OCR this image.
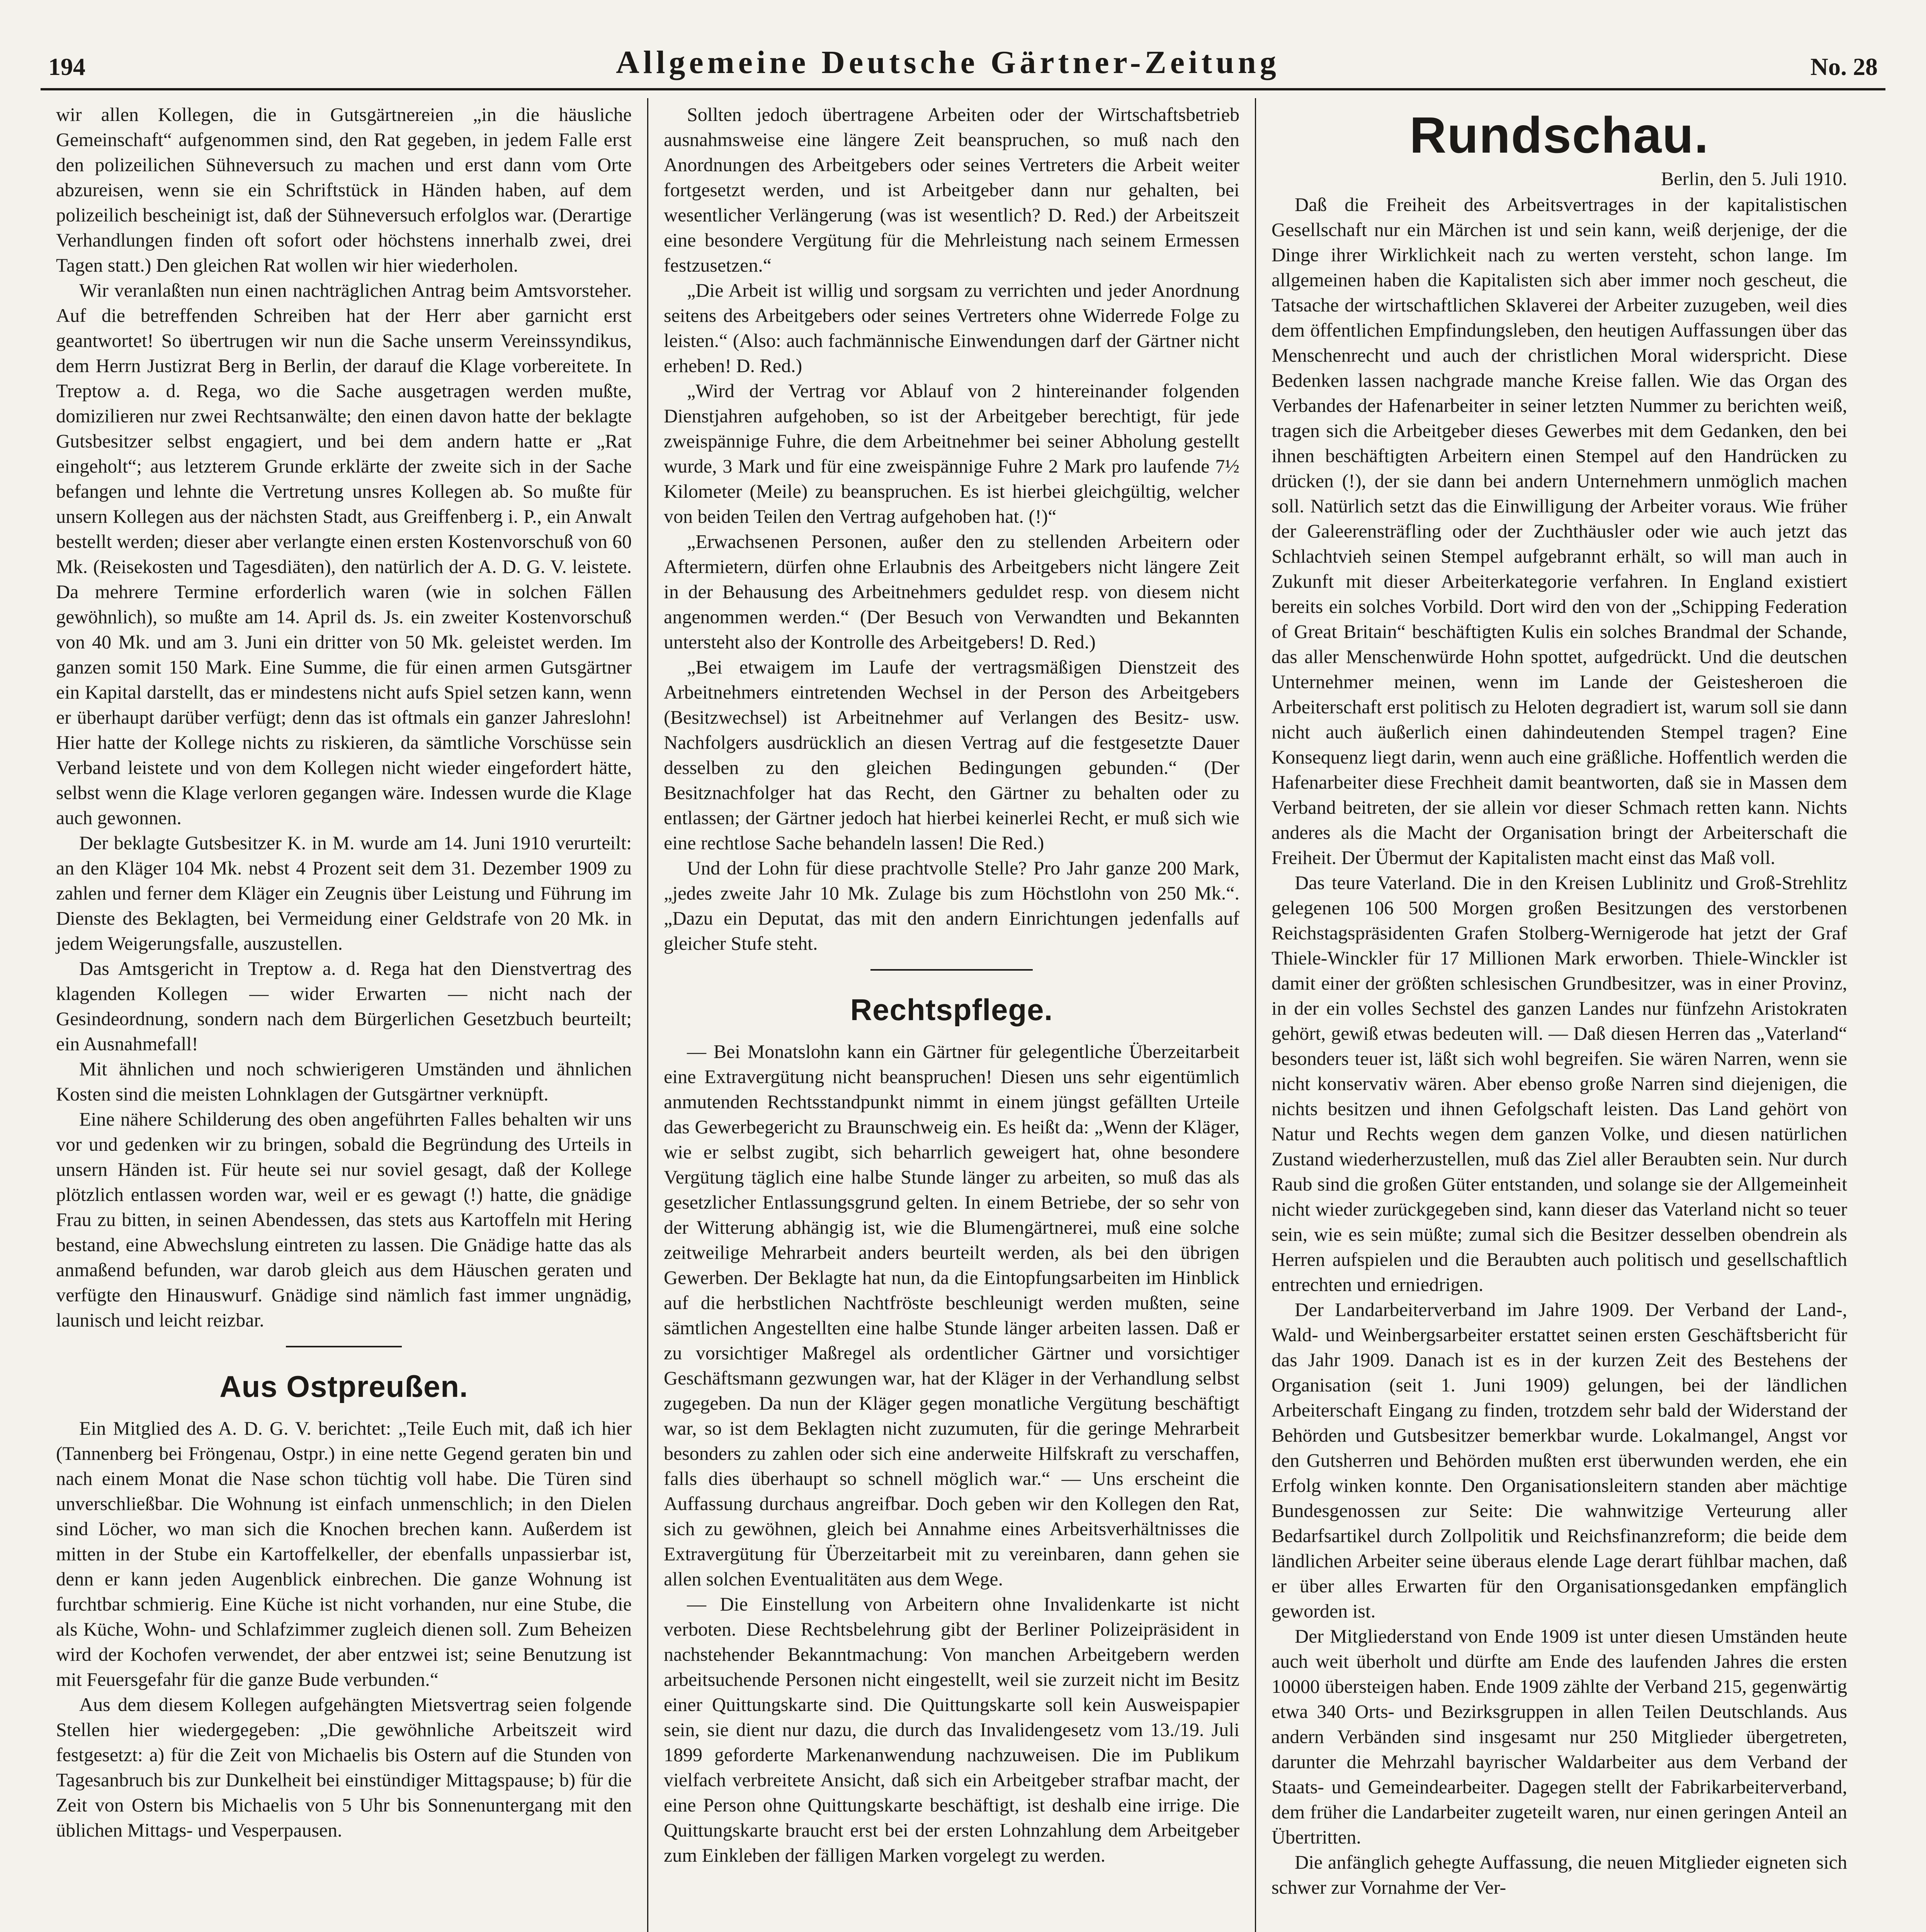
194	Allgemeine Deutsche Gärtner-Zeitung	No. 28

wir allen Kollegen, die in Gutsgärtnereien „in die häusliche Gemeinschaft“ aufgenommen sind, den Rat gegeben, in jedem Falle erst den polizeilichen Sühneversuch zu machen und erst dann vom Orte abzureisen, wenn sie ein Schriftstück in Händen haben, auf dem polizeilich bescheinigt ist, daß der Sühneversuch erfolglos war. (Derartige Verhandlungen finden oft sofort oder höchstens innerhalb zwei, drei Tagen statt.) Den gleichen Rat wollen wir hier wiederholen.

Wir veranlaßten nun einen nachträglichen Antrag beim Amtsvorsteher. Auf die betreffenden Schreiben hat der Herr aber garnicht erst geantwortet! So übertrugen wir nun die Sache unserm Vereinssyndikus, dem Herrn Justizrat Berg in Berlin, der darauf die Klage vorbereitete. In Treptow a. d. Rega, wo die Sache ausgetragen werden mußte, domizilieren nur zwei Rechtsanwälte; den einen davon hatte der beklagte Gutsbesitzer selbst engagiert, und bei dem andern hatte er „Rat eingeholt“; aus letzterem Grunde erklärte der zweite sich in der Sache befangen und lehnte die Vertretung unsres Kollegen ab. So mußte für unsern Kollegen aus der nächsten Stadt, aus Greiffenberg i. P., ein Anwalt bestellt werden; dieser aber verlangte einen ersten Kostenvorschuß von 60 Mk. (Reisekosten und Tagesdiäten), den natürlich der A. D. G. V. leistete. Da mehrere Termine erforderlich waren (wie in solchen Fällen gewöhnlich), so mußte am 14. April ds. Js. ein zweiter Kostenvorschuß von 40 Mk. und am 3. Juni ein dritter von 50 Mk. geleistet werden. Im ganzen somit 150 Mark. Eine Summe, die für einen armen Gutsgärtner ein Kapital darstellt, das er mindestens nicht aufs Spiel setzen kann, wenn er überhaupt darüber verfügt; denn das ist oftmals ein ganzer Jahreslohn! Hier hatte der Kollege nichts zu riskieren, da sämtliche Vorschüsse sein Verband leistete und von dem Kollegen nicht wieder eingefordert hätte, selbst wenn die Klage verloren gegangen wäre. Indessen wurde die Klage auch gewonnen.

Der beklagte Gutsbesitzer K. in M. wurde am 14. Juni 1910 verurteilt: an den Kläger 104 Mk. nebst 4 Prozent seit dem 31. Dezember 1909 zu zahlen und ferner dem Kläger ein Zeugnis über Leistung und Führung im Dienste des Beklagten, bei Vermeidung einer Geldstrafe von 20 Mk. in jedem Weigerungsfalle, auszustellen.

Das Amtsgericht in Treptow a. d. Rega hat den Dienstvertrag des klagenden Kollegen — wider Erwarten — nicht nach der Gesindeordnung, sondern nach dem Bürgerlichen Gesetzbuch beurteilt; ein Ausnahmefall!

Mit ähnlichen und noch schwierigeren Umständen und ähnlichen Kosten sind die meisten Lohnklagen der Gutsgärtner verknüpft.

Eine nähere Schilderung des oben angeführten Falles behalten wir uns vor und gedenken wir zu bringen, sobald die Begründung des Urteils in unsern Händen ist. Für heute sei nur soviel gesagt, daß der Kollege plötzlich entlassen worden war, weil er es gewagt (!) hatte, die gnädige Frau zu bitten, in seinen Abendessen, das stets aus Kartoffeln mit Hering bestand, eine Abwechslung eintreten zu lassen. Die Gnädige hatte das als anmaßend befunden, war darob gleich aus dem Häuschen geraten und verfügte den Hinauswurf. Gnädige sind nämlich fast immer ungnädig, launisch und leicht reizbar.

Aus Ostpreußen.

Ein Mitglied des A. D. G. V. berichtet: „Teile Euch mit, daß ich hier (Tannenberg bei Fröngenau, Ostpr.) in eine nette Gegend geraten bin und nach einem Monat die Nase schon tüchtig voll habe. Die Türen sind unverschließbar. Die Wohnung ist einfach unmenschlich; in den Dielen sind Löcher, wo man sich die Knochen brechen kann. Außerdem ist mitten in der Stube ein Kartoffelkeller, der ebenfalls unpassierbar ist, denn er kann jeden Augenblick einbrechen. Die ganze Wohnung ist furchtbar schmierig. Eine Küche ist nicht vorhanden, nur eine Stube, die als Küche, Wohn- und Schlafzimmer zugleich dienen soll. Zum Beheizen wird der Kochofen verwendet, der aber entzwei ist; seine Benutzung ist mit Feuersgefahr für die ganze Bude verbunden.“

Aus dem diesem Kollegen aufgehängten Mietsvertrag seien folgende Stellen hier wiedergegeben: „Die gewöhnliche Arbeitszeit wird festgesetzt: a) für die Zeit von Michaelis bis Ostern auf die Stunden von Tagesanbruch bis zur Dunkelheit bei einstündiger Mittagspause; b) für die Zeit von Ostern bis Michaelis von 5 Uhr bis Sonnenuntergang mit den üblichen Mittags- und Vesperpausen.

Sollten jedoch übertragene Arbeiten oder der Wirtschaftsbetrieb ausnahmsweise eine längere Zeit beanspruchen, so muß nach den Anordnungen des Arbeitgebers oder seines Vertreters die Arbeit weiter fortgesetzt werden, und ist Arbeitgeber dann nur gehalten, bei wesentlicher Verlängerung (was ist wesentlich? D. Red.) der Arbeitszeit eine besondere Vergütung für die Mehrleistung nach seinem Ermessen festzusetzen.“

„Die Arbeit ist willig und sorgsam zu verrichten und jeder Anordnung seitens des Arbeitgebers oder seines Vertreters ohne Widerrede Folge zu leisten.“ (Also: auch fachmännische Einwendungen darf der Gärtner nicht erheben! D. Red.)

„Wird der Vertrag vor Ablauf von 2 hintereinander folgenden Dienstjahren aufgehoben, so ist der Arbeitgeber berechtigt, für jede zweispännige Fuhre, die dem Arbeitnehmer bei seiner Abholung gestellt wurde, 3 Mark und für eine zweispännige Fuhre 2 Mark pro laufende 7½ Kilometer (Meile) zu beanspruchen. Es ist hierbei gleichgültig, welcher von beiden Teilen den Vertrag aufgehoben hat. (!)“

„Erwachsenen Personen, außer den zu stellenden Arbeitern oder Aftermietern, dürfen ohne Erlaubnis des Arbeitgebers nicht längere Zeit in der Behausung des Arbeitnehmers geduldet resp. von diesem nicht angenommen werden.“ (Der Besuch von Verwandten und Bekannten untersteht also der Kontrolle des Arbeitgebers! D. Red.)

„Bei etwaigem im Laufe der vertragsmäßigen Dienstzeit des Arbeitnehmers eintretenden Wechsel in der Person des Arbeitgebers (Besitzwechsel) ist Arbeitnehmer auf Verlangen des Besitz- usw. Nachfolgers ausdrücklich an diesen Vertrag auf die festgesetzte Dauer desselben zu den gleichen Bedingungen gebunden.“ (Der Besitznachfolger hat das Recht, den Gärtner zu behalten oder zu entlassen; der Gärtner jedoch hat hierbei keinerlei Recht, er muß sich wie eine rechtlose Sache behandeln lassen! Die Red.)

Und der Lohn für diese prachtvolle Stelle? Pro Jahr ganze 200 Mark, „jedes zweite Jahr 10 Mk. Zulage bis zum Höchstlohn von 250 Mk.“. „Dazu ein Deputat, das mit den andern Einrichtungen jedenfalls auf gleicher Stufe steht.

Rechtspflege.

— Bei Monatslohn kann ein Gärtner für gelegentliche Überzeitarbeit eine Extravergütung nicht beanspruchen! Diesen uns sehr eigentümlich anmutenden Rechtsstandpunkt nimmt in einem jüngst gefällten Urteile das Gewerbegericht zu Braunschweig ein. Es heißt da: „Wenn der Kläger, wie er selbst zugibt, sich beharrlich geweigert hat, ohne besondere Vergütung täglich eine halbe Stunde länger zu arbeiten, so muß das als gesetzlicher Entlassungsgrund gelten. In einem Betriebe, der so sehr von der Witterung abhängig ist, wie die Blumengärtnerei, muß eine solche zeitweilige Mehrarbeit anders beurteilt werden, als bei den übrigen Gewerben. Der Beklagte hat nun, da die Eintopfungsarbeiten im Hinblick auf die herbstlichen Nachtfröste beschleunigt werden mußten, seine sämtlichen Angestellten eine halbe Stunde länger arbeiten lassen. Daß er zu vorsichtiger Maßregel als ordentlicher Gärtner und vorsichtiger Geschäftsmann gezwungen war, hat der Kläger in der Verhandlung selbst zugegeben. Da nun der Kläger gegen monatliche Vergütung beschäftigt war, so ist dem Beklagten nicht zuzumuten, für die geringe Mehrarbeit besonders zu zahlen oder sich eine anderweite Hilfskraft zu verschaffen, falls dies überhaupt so schnell möglich war.“ — Uns erscheint die Auffassung durchaus angreifbar. Doch geben wir den Kollegen den Rat, sich zu gewöhnen, gleich bei Annahme eines Arbeitsverhältnisses die Extravergütung für Überzeitarbeit mit zu vereinbaren, dann gehen sie allen solchen Eventualitäten aus dem Wege.

— Die Einstellung von Arbeitern ohne Invalidenkarte ist nicht verboten. Diese Rechtsbelehrung gibt der Berliner Polizeipräsident in nachstehender Bekanntmachung: Von manchen Arbeitgebern werden arbeitsuchende Personen nicht eingestellt, weil sie zurzeit nicht im Besitz einer Quittungskarte sind. Die Quittungskarte soll kein Ausweispapier sein, sie dient nur dazu, die durch das Invalidengesetz vom 13./19. Juli 1899 geforderte Markenanwendung nachzuweisen. Die im Publikum vielfach verbreitete Ansicht, daß sich ein Arbeitgeber strafbar macht, der eine Person ohne Quittungskarte beschäftigt, ist deshalb eine irrige. Die Quittungskarte braucht erst bei der ersten Lohnzahlung dem Arbeitgeber zum Einkleben der fälligen Marken vorgelegt zu werden.

Rundschau.
Berlin, den 5. Juli 1910.

Daß die Freiheit des Arbeitsvertrages in der kapitalistischen Gesellschaft nur ein Märchen ist und sein kann, weiß derjenige, der die Dinge ihrer Wirklichkeit nach zu werten versteht, schon lange. Im allgemeinen haben die Kapitalisten sich aber immer noch gescheut, die Tatsache der wirtschaftlichen Sklaverei der Arbeiter zuzugeben, weil dies dem öffentlichen Empfindungsleben, den heutigen Auffassungen über das Menschenrecht und auch der christlichen Moral widerspricht. Diese Bedenken lassen nachgrade manche Kreise fallen. Wie das Organ des Verbandes der Hafenarbeiter in seiner letzten Nummer zu berichten weiß, tragen sich die Arbeitgeber dieses Gewerbes mit dem Gedanken, den bei ihnen beschäftigten Arbeitern einen Stempel auf den Handrücken zu drücken (!), der sie dann bei andern Unternehmern unmöglich machen soll. Natürlich setzt das die Einwilligung der Arbeiter voraus. Wie früher der Galeerensträfling oder der Zuchthäusler oder wie auch jetzt das Schlachtvieh seinen Stempel aufgebrannt erhält, so will man auch in Zukunft mit dieser Arbeiterkategorie verfahren. In England existiert bereits ein solches Vorbild. Dort wird den von der „Schipping Federation of Great Britain“ beschäftigten Kulis ein solches Brandmal der Schande, das aller Menschenwürde Hohn spottet, aufgedrückt. Und die deutschen Unternehmer meinen, wenn im Lande der Geistesheroen die Arbeiterschaft erst politisch zu Heloten degradiert ist, warum soll sie dann nicht auch äußerlich einen dahindeutenden Stempel tragen? Eine Konsequenz liegt darin, wenn auch eine gräßliche. Hoffentlich werden die Hafenarbeiter diese Frechheit damit beantworten, daß sie in Massen dem Verband beitreten, der sie allein vor dieser Schmach retten kann. Nichts anderes als die Macht der Organisation bringt der Arbeiterschaft die Freiheit. Der Übermut der Kapitalisten macht einst das Maß voll.

Das teure Vaterland. Die in den Kreisen Lublinitz und Groß-Strehlitz gelegenen 106 500 Morgen großen Besitzungen des verstorbenen Reichstagspräsidenten Grafen Stolberg-Wernigerode hat jetzt der Graf Thiele-Winckler für 17 Millionen Mark erworben. Thiele-Winckler ist damit einer der größten schlesischen Grundbesitzer, was in einer Provinz, in der ein volles Sechstel des ganzen Landes nur fünfzehn Aristokraten gehört, gewiß etwas bedeuten will. — Daß diesen Herren das „Vaterland“ besonders teuer ist, läßt sich wohl begreifen. Sie wären Narren, wenn sie nicht konservativ wären. Aber ebenso große Narren sind diejenigen, die nichts besitzen und ihnen Gefolgschaft leisten. Das Land gehört von Natur und Rechts wegen dem ganzen Volke, und diesen natürlichen Zustand wiederherzustellen, muß das Ziel aller Beraubten sein. Nur durch Raub sind die großen Güter entstanden, und solange sie der Allgemeinheit nicht wieder zurückgegeben sind, kann dieser das Vaterland nicht so teuer sein, wie es sein müßte; zumal sich die Besitzer desselben obendrein als Herren aufspielen und die Beraubten auch politisch und gesellschaftlich entrechten und erniedrigen.

Der Landarbeiterverband im Jahre 1909. Der Verband der Land-, Wald- und Weinbergsarbeiter erstattet seinen ersten Geschäftsbericht für das Jahr 1909. Danach ist es in der kurzen Zeit des Bestehens der Organisation (seit 1. Juni 1909) gelungen, bei der ländlichen Arbeiterschaft Eingang zu finden, trotzdem sehr bald der Widerstand der Behörden und Gutsbesitzer bemerkbar wurde. Lokalmangel, Angst vor den Gutsherren und Behörden mußten erst überwunden werden, ehe ein Erfolg winken konnte. Den Organisationsleitern standen aber mächtige Bundesgenossen zur Seite: Die wahnwitzige Verteurung aller Bedarfsartikel durch Zollpolitik und Reichsfinanzreform; die beide dem ländlichen Arbeiter seine überaus elende Lage derart fühlbar machen, daß er über alles Erwarten für den Organisationsgedanken empfänglich geworden ist.

Der Mitgliederstand von Ende 1909 ist unter diesen Umständen heute auch weit überholt und dürfte am Ende des laufenden Jahres die ersten 10000 übersteigen haben. Ende 1909 zählte der Verband 215, gegenwärtig etwa 340 Orts- und Bezirksgruppen in allen Teilen Deutschlands. Aus andern Verbänden sind insgesamt nur 250 Mitglieder übergetreten, darunter die Mehrzahl bayrischer Waldarbeiter aus dem Verband der Staats- und Gemeindearbeiter. Dagegen stellt der Fabrikarbeiterverband, dem früher die Landarbeiter zugeteilt waren, nur einen geringen Anteil an Übertritten.

Die anfänglich gehegte Auffassung, die neuen Mitglieder eigneten sich schwer zur Vornahme der Ver-
